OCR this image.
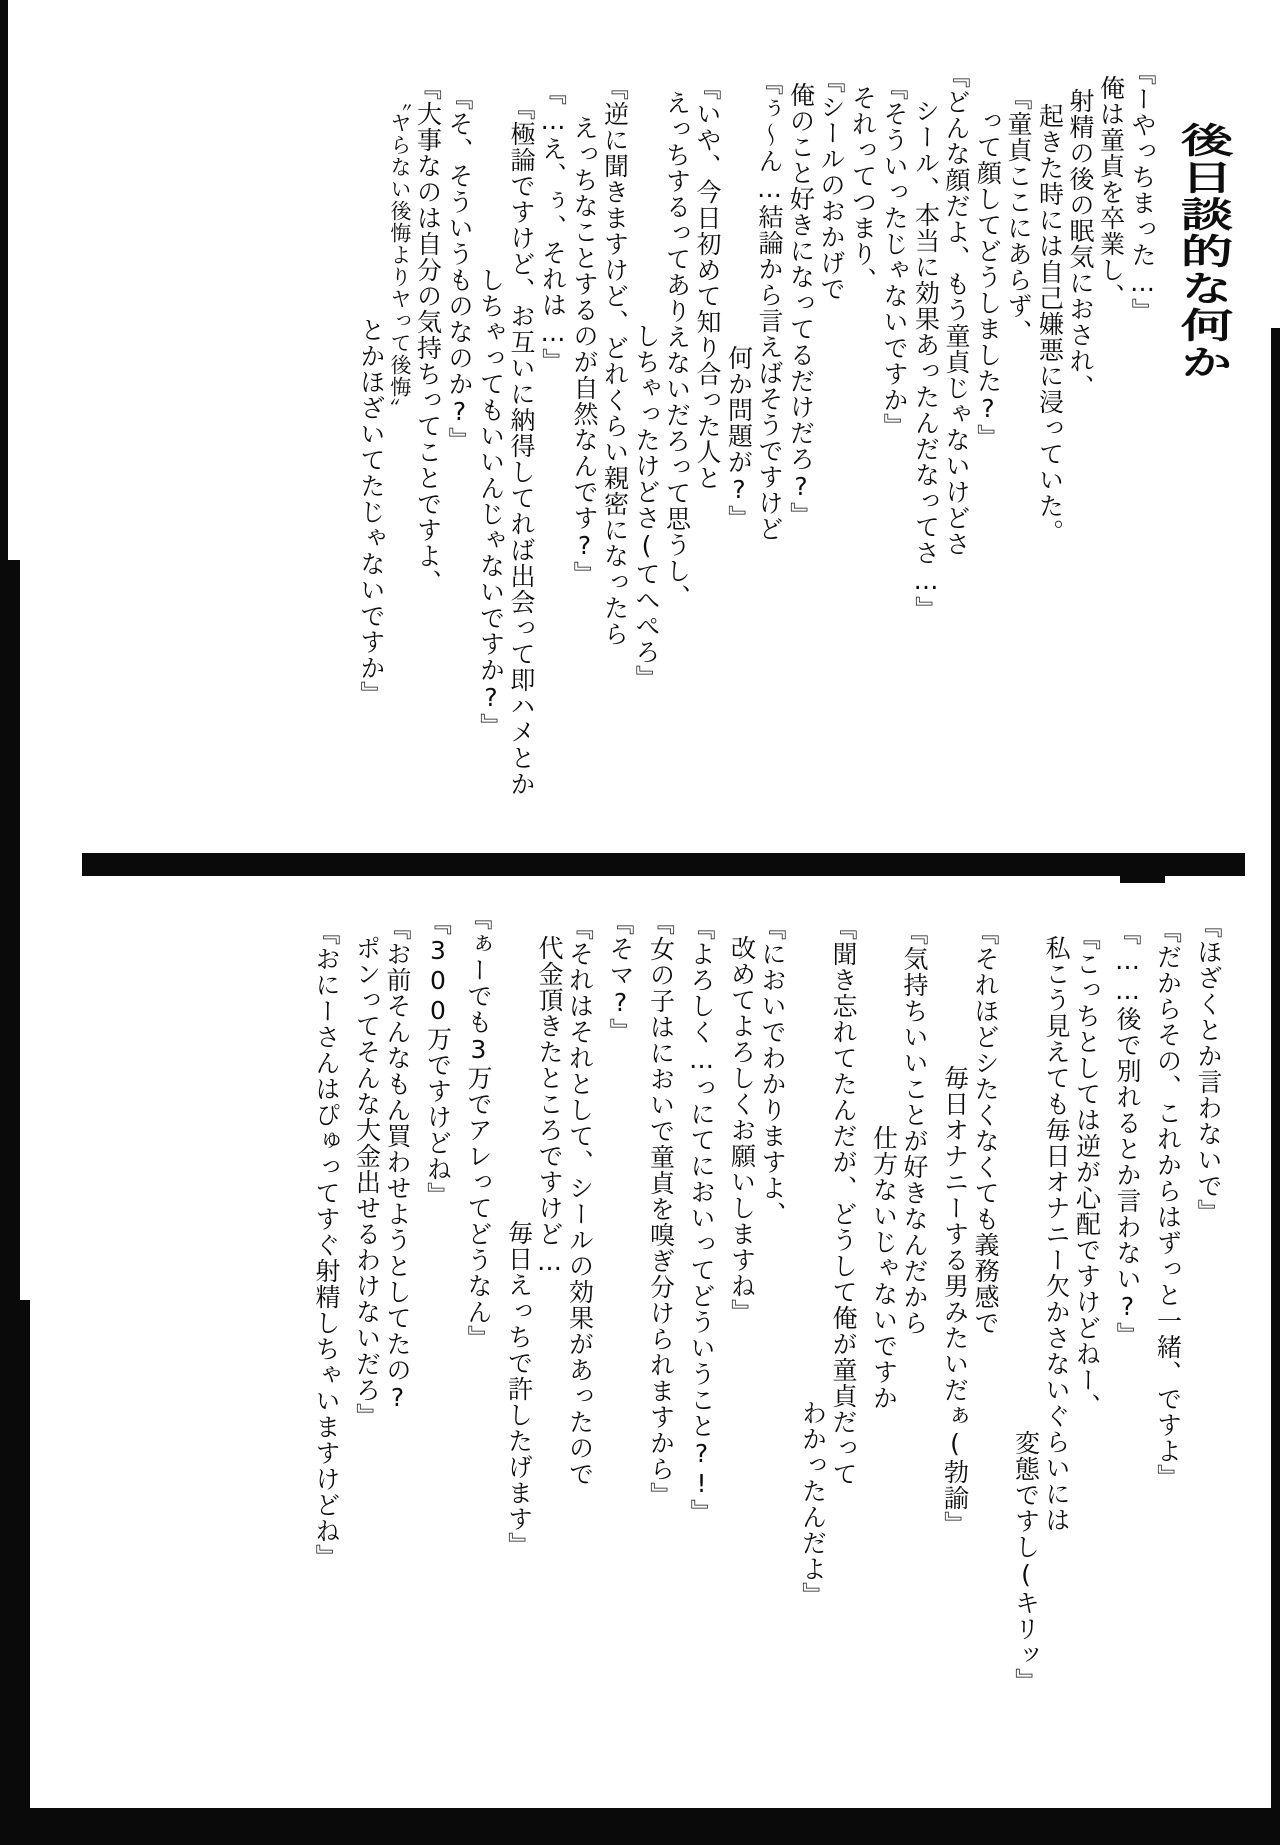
後日談的な何か
『ーやっちまった…』
俺は童貞を卒業し、
射精の後の眠気におされ、
起きた時には自己嫌悪に浸っていた。
『童貞ここにあらず、
って顔してどうしました?』
『どんな顔だよ、もう童貞じゃないけどさ
シール、本当に効果あったんだなってさ…』
『そういったじゃないですか』
それってつまり、
『シールのおかげで
俺のこと好きになってるだけだろ?』
『ぅ〜ん…結論から言えばそうですけど
何か問題が?』
『いや、今日初めて知り合った人と
えっちするってありえないだろって思うし、
しちゃったけどさ(てへぺろ』
『逆に聞きますけど、どれくらい親密になったら
えっちなことするのが自然なんです?』
『…え、ぅ、それは…』
『極論ですけど、お互いに納得してれば出会って即ハメとか
しちゃってもいいんじゃないですか?』
『そ、そういうものなのか?』
『大事なのは自分の気持ちってことですよ、
〝ヤらない後悔よりヤって後悔〟
とかほざいてたじゃないですか』
『ほざくとか言わないで』
『だからその、これからはずっと一緒、ですよ』
『……後で別れるとか言わない?』
『こっちとしては逆が心配ですけどねー、
私こう見えても毎日オナニー欠かさないぐらいには
変態ですし(キリッ』
『それほどシたくなくても義務感で
毎日オナニーする男みたいだぁ(勃諭』
『気持ちいいことが好きなんだから
仕方ないじゃないですか
『聞き忘れてたんだが、どうして俺が童貞だって
わかったんだよ』
『においでわかりますよ、
改めてよろしくお願いしますね』
『よろしく…っにてにおいってどういうこと?!』
『女の子はにおいで童貞を嗅ぎ分けられますから』
『そマ?』
『それはそれとして、シールの効果があったので
代金頂きたところですけど…
毎日えっちで許したげます』
『ぁーでも3万でアレってどうなん』
『300万ですけどね』
『お前そんなもん買わせようとしてたの?
ポンってそんな大金出せるわけないだろ』
『おにーさんはぴゅってすぐ射精しちゃいますけどね』
